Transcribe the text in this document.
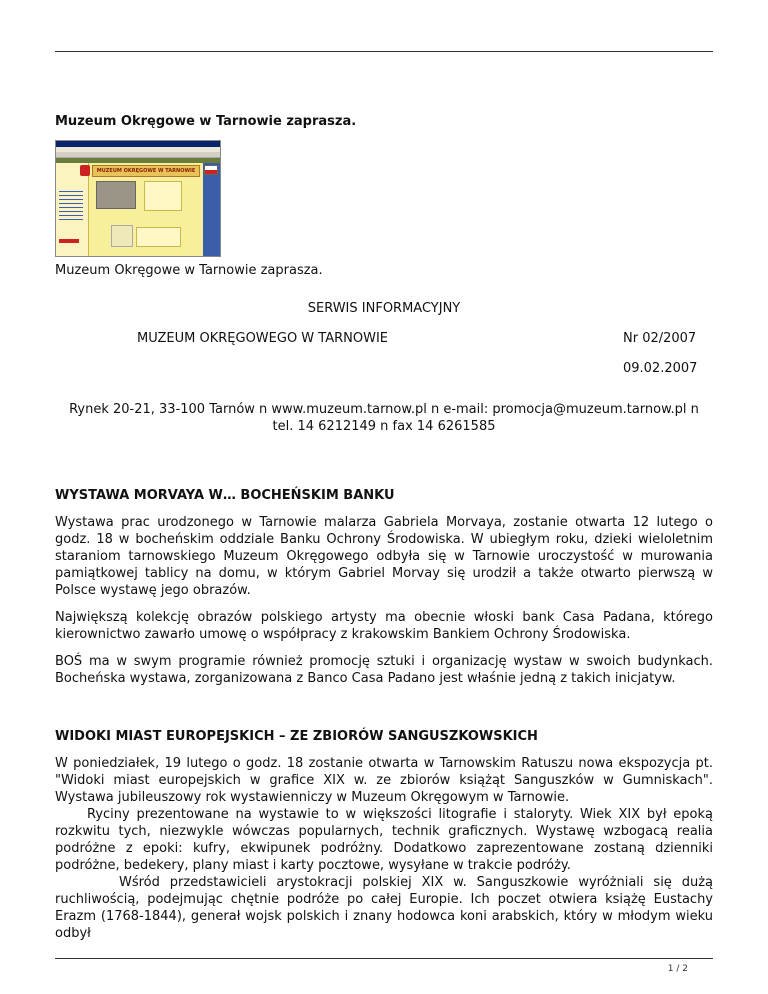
Muzeum Okręgowe w Tarnowie zaprasza.
MUZEUM OKRĘGOWE W TARNOWIE
Muzeum Okręgowe w Tarnowie zaprasza.
SERWIS INFORMACYJNY
MUZEUM OKRĘGOWEGO W TARNOWIE	Nr 02/2007
09.02.2007
Rynek 20-21, 33-100 Tarnów n www.muzeum.tarnow.pl n e-mail: promocja@muzeum.tarnow.pl n
tel. 14 6212149 n fax 14 6261585
WYSTAWA MORVAYA W… BOCHEŃSKIM BANKU
Wystawa prac urodzonego w Tarnowie malarza Gabriela Morvaya, zostanie otwarta 12 lutego o godz. 18 w bocheńskim oddziale Banku Ochrony Środowiska. W ubiegłym roku, dzieki wieloletnim staraniom tarnowskiego Muzeum Okręgowego odbyła się w Tarnowie uroczystość w murowania pamiątkowej tablicy na domu, w którym Gabriel Morvay się urodził a także otwarto pierwszą w Polsce wystawę jego obrazów.
Największą kolekcję obrazów polskiego artysty ma obecnie włoski bank Casa Padana, którego kierownictwo zawarło umowę o współpracy z krakowskim Bankiem Ochrony Środowiska.
BOŚ ma w swym programie również promocję sztuki i organizację wystaw w swoich budynkach. Bocheńska wystawa, zorganizowana z Banco Casa Padano jest właśnie jedną z takich inicjatyw.
WIDOKI MIAST EUROPEJSKICH – ZE ZBIORÓW SANGUSZKOWSKICH
W poniedziałek, 19 lutego o godz. 18 zostanie otwarta w Tarnowskim Ratuszu nowa ekspozycja pt. "Widoki miast europejskich w grafice XIX w. ze zbiorów książąt Sanguszków w Gumniskach". Wystawa jubileuszowy rok wystawienniczy w Muzeum Okręgowym w Tarnowie.
Ryciny prezentowane na wystawie to w większości litografie i staloryty. Wiek XIX był epoką rozkwitu tych, niezwykle wówczas popularnych, technik graficznych. Wystawę wzbogacą realia podróżne z epoki: kufry, ekwipunek podróżny. Dodatkowo zaprezentowane zostaną dzienniki podróżne, bedekery, plany miast i karty pocztowe, wysyłane w trakcie podróży.
Wśród przedstawicieli arystokracji polskiej XIX w. Sanguszkowie wyróżniali się dużą ruchliwością, podejmując chętnie podróże po całej Europie. Ich poczet otwiera książę Eustachy Erazm (1768-1844), generał wojsk polskich i znany hodowca koni arabskich, który w młodym wieku odbył
1 / 2
